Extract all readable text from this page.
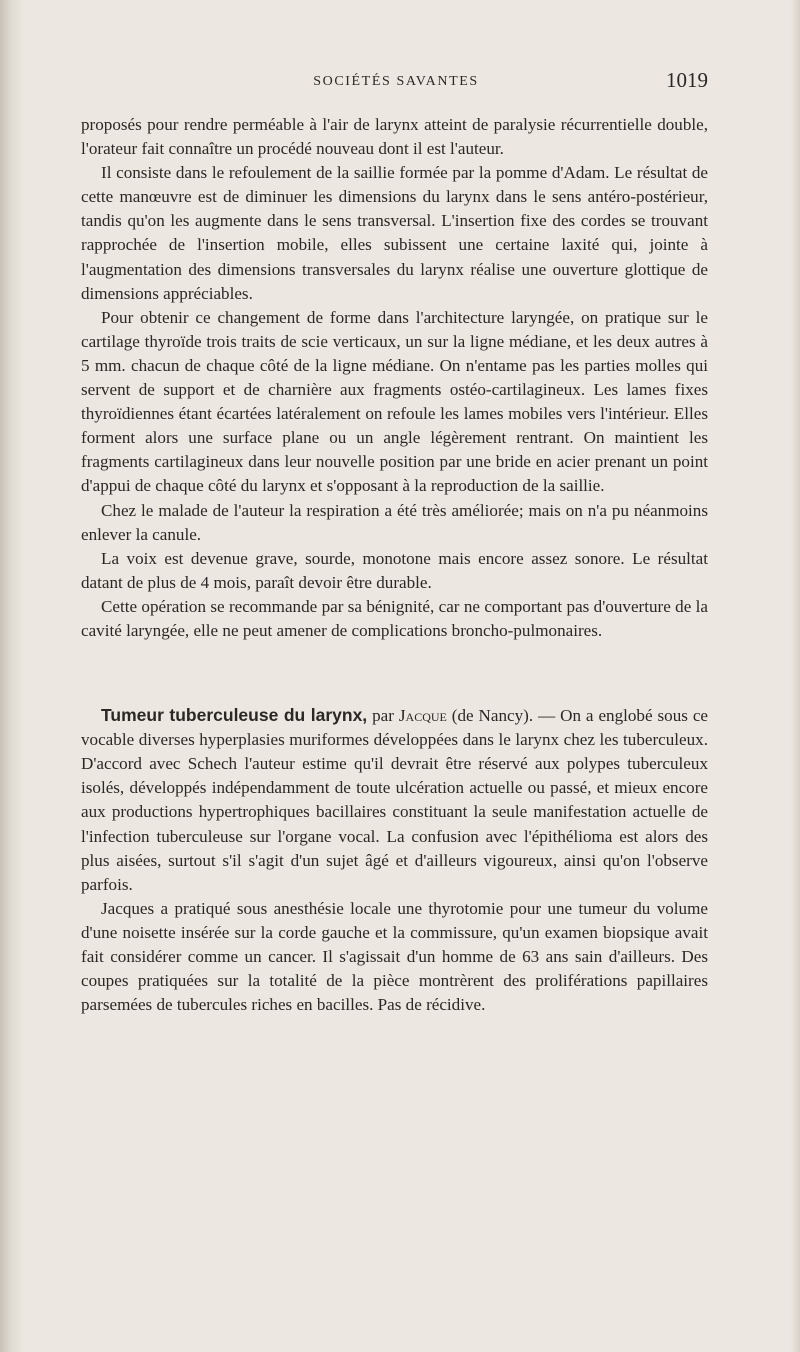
SOCIÉTÉS SAVANTES	1019

proposés pour rendre perméable à l'air de larynx atteint de paralysie récurrentielle double, l'orateur fait connaître un procédé nouveau dont il est l'auteur.

Il consiste dans le refoulement de la saillie formée par la pomme d'Adam. Le résultat de cette manœuvre est de diminuer les dimensions du larynx dans le sens antéro-postérieur, tandis qu'on les augmente dans le sens transversal. L'insertion fixe des cordes se trouvant rapprochée de l'insertion mobile, elles subissent une certaine laxité qui, jointe à l'augmentation des dimensions transversales du larynx réalise une ouverture glottique de dimensions appréciables.

Pour obtenir ce changement de forme dans l'architecture laryngée, on pratique sur le cartilage thyroïde trois traits de scie verticaux, un sur la ligne médiane, et les deux autres à 5 mm. chacun de chaque côté de la ligne médiane. On n'entame pas les parties molles qui servent de support et de charnière aux fragments ostéo-cartilagineux. Les lames fixes thyroïdiennes étant écartées latéralement on refoule les lames mobiles vers l'intérieur. Elles forment alors une surface plane ou un angle légèrement rentrant. On maintient les fragments cartilagineux dans leur nouvelle position par une bride en acier prenant un point d'appui de chaque côté du larynx et s'opposant à la reproduction de la saillie.

Chez le malade de l'auteur la respiration a été très améliorée; mais on n'a pu néanmoins enlever la canule.

La voix est devenue grave, sourde, monotone mais encore assez sonore. Le résultat datant de plus de 4 mois, paraît devoir être durable.

Cette opération se recommande par sa bénignité, car ne comportant pas d'ouverture de la cavité laryngée, elle ne peut amener de complications broncho-pulmonaires.

Tumeur tuberculeuse du larynx, par Jacque (de Nancy). — On a englobé sous ce vocable diverses hyperplasies muriformes développées dans le larynx chez les tuberculeux. D'accord avec Schech l'auteur estime qu'il devrait être réservé aux polypes tuberculeux isolés, développés indépendamment de toute ulcération actuelle ou passé, et mieux encore aux productions hypertrophiques bacillaires constituant la seule manifestation actuelle de l'infection tuberculeuse sur l'organe vocal. La confusion avec l'épithélioma est alors des plus aisées, surtout s'il s'agit d'un sujet âgé et d'ailleurs vigoureux, ainsi qu'on l'observe parfois.

Jacques a pratiqué sous anesthésie locale une thyrotomie pour une tumeur du volume d'une noisette insérée sur la corde gauche et la commissure, qu'un examen biopsique avait fait considérer comme un cancer. Il s'agissait d'un homme de 63 ans sain d'ailleurs. Des coupes pratiquées sur la totalité de la pièce montrèrent des proliférations papillaires parsemées de tubercules riches en bacilles. Pas de récidive.
